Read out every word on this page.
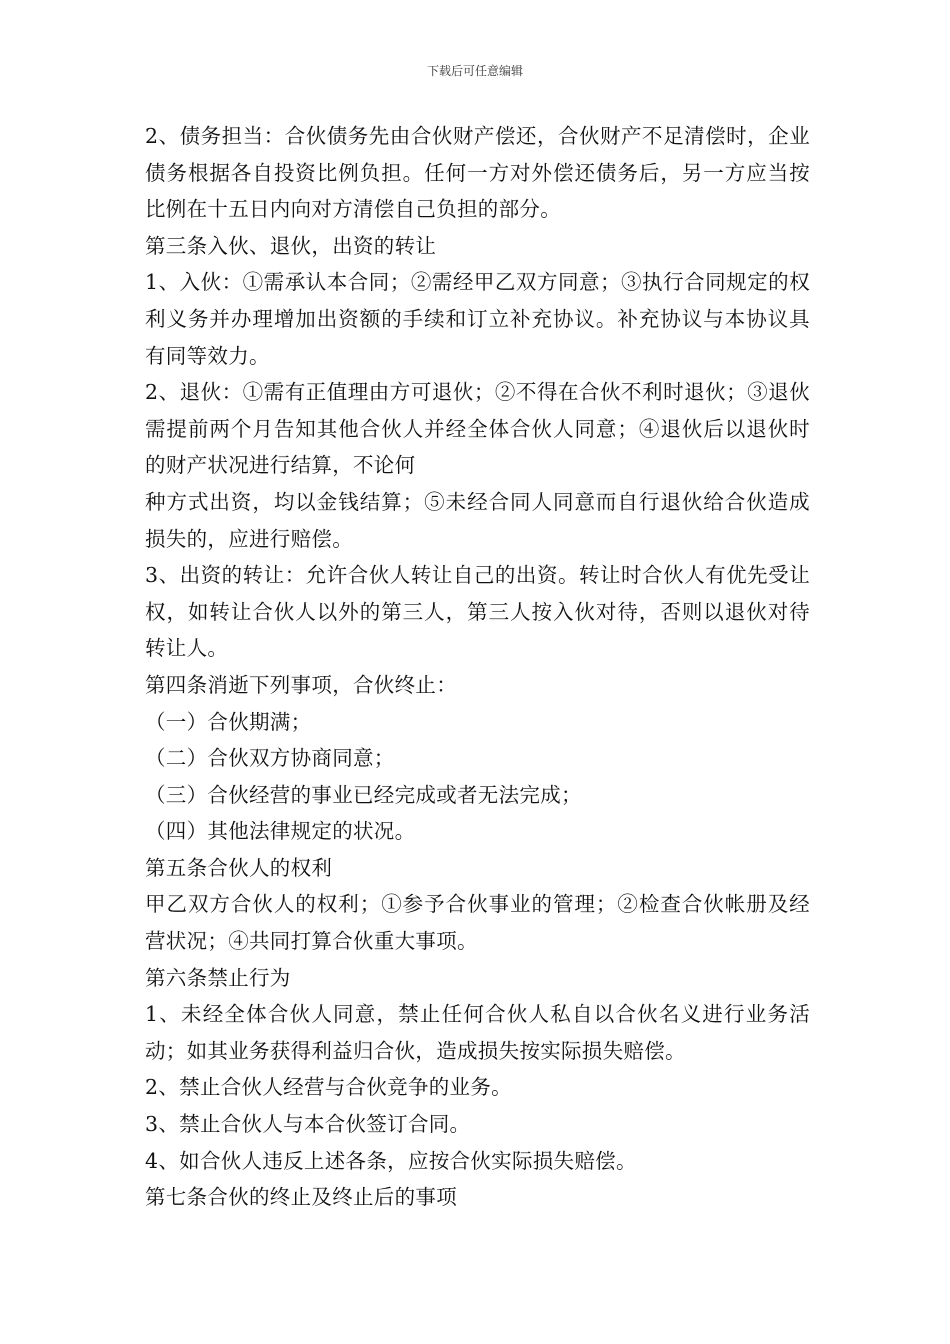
下载后可任意编辑

2、债务担当：合伙债务先由合伙财产偿还，合伙财产不足清偿时，企业债务根据各自投资比例负担。任何一方对外偿还债务后，另一方应当按比例在十五日内向对方清偿自己负担的部分。

第三条入伙、退伙，出资的转让

1、入伙：①需承认本合同；②需经甲乙双方同意；③执行合同规定的权利义务并办理增加出资额的手续和订立补充协议。补充协议与本协议具有同等效力。

2、退伙：①需有正值理由方可退伙；②不得在合伙不利时退伙；③退伙需提前两个月告知其他合伙人并经全体合伙人同意；④退伙后以退伙时的财产状况进行结算，不论何

种方式出资，均以金钱结算；⑤未经合同人同意而自行退伙给合伙造成损失的，应进行赔偿。

3、出资的转让：允许合伙人转让自己的出资。转让时合伙人有优先受让权，如转让合伙人以外的第三人，第三人按入伙对待，否则以退伙对待转让人。

第四条消逝下列事项，合伙终止：

（一）合伙期满；

（二）合伙双方协商同意；

（三）合伙经营的事业已经完成或者无法完成；

（四）其他法律规定的状况。

第五条合伙人的权利

甲乙双方合伙人的权利；①参予合伙事业的管理；②检查合伙帐册及经营状况；④共同打算合伙重大事项。

第六条禁止行为

1、未经全体合伙人同意，禁止任何合伙人私自以合伙名义进行业务活动；如其业务获得利益归合伙，造成损失按实际损失赔偿。

2、禁止合伙人经营与合伙竞争的业务。

3、禁止合伙人与本合伙签订合同。

4、如合伙人违反上述各条，应按合伙实际损失赔偿。

第七条合伙的终止及终止后的事项
